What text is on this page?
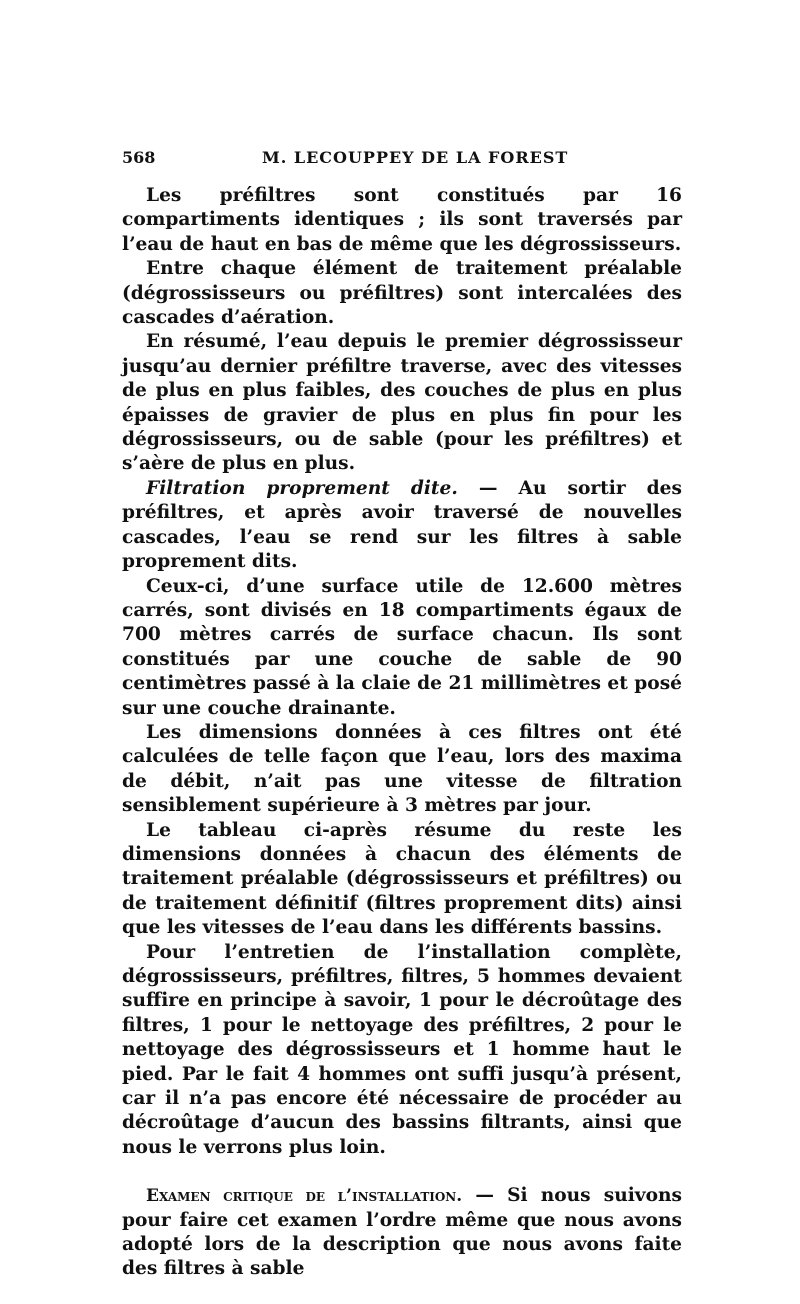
568	M. LECOUPPEY DE LA FOREST

Les préfiltres sont constitués par 16 compartiments identiques ; ils sont traversés par l’eau de haut en bas de même que les dégrossisseurs.

Entre chaque élément de traitement préalable (dégrossisseurs ou préfiltres) sont intercalées des cascades d’aération.

En résumé, l’eau depuis le premier dégrossisseur jusqu’au dernier préfiltre traverse, avec des vitesses de plus en plus faibles, des couches de plus en plus épaisses de gravier de plus en plus fin pour les dégrossisseurs, ou de sable (pour les préfiltres) et s’aère de plus en plus.

Filtration proprement dite. — Au sortir des préfiltres, et après avoir traversé de nouvelles cascades, l’eau se rend sur les filtres à sable proprement dits.

Ceux-ci, d’une surface utile de 12.600 mètres carrés, sont divisés en 18 compartiments égaux de 700 mètres carrés de surface chacun. Ils sont constitués par une couche de sable de 90 centimètres passé à la claie de 21 millimètres et posé sur une couche drainante.

Les dimensions données à ces filtres ont été calculées de telle façon que l’eau, lors des maxima de débit, n’ait pas une vitesse de filtration sensiblement supérieure à 3 mètres par jour.

Le tableau ci-après résume du reste les dimensions données à chacun des éléments de traitement préalable (dégrossisseurs et préfiltres) ou de traitement définitif (filtres proprement dits) ainsi que les vitesses de l’eau dans les différents bassins.

Pour l’entretien de l’installation complète, dégrossisseurs, préfiltres, filtres, 5 hommes devaient suffire en principe à savoir, 1 pour le décroûtage des filtres, 1 pour le nettoyage des préfiltres, 2 pour le nettoyage des dégrossisseurs et 1 homme haut le pied. Par le fait 4 hommes ont suffi jusqu’à présent, car il n’a pas encore été nécessaire de procéder au décroûtage d’aucun des bassins filtrants, ainsi que nous le verrons plus loin.

Examen critique de l’installation. — Si nous suivons pour faire cet examen l’ordre même que nous avons adopté lors de la description que nous avons faite des filtres à sable
